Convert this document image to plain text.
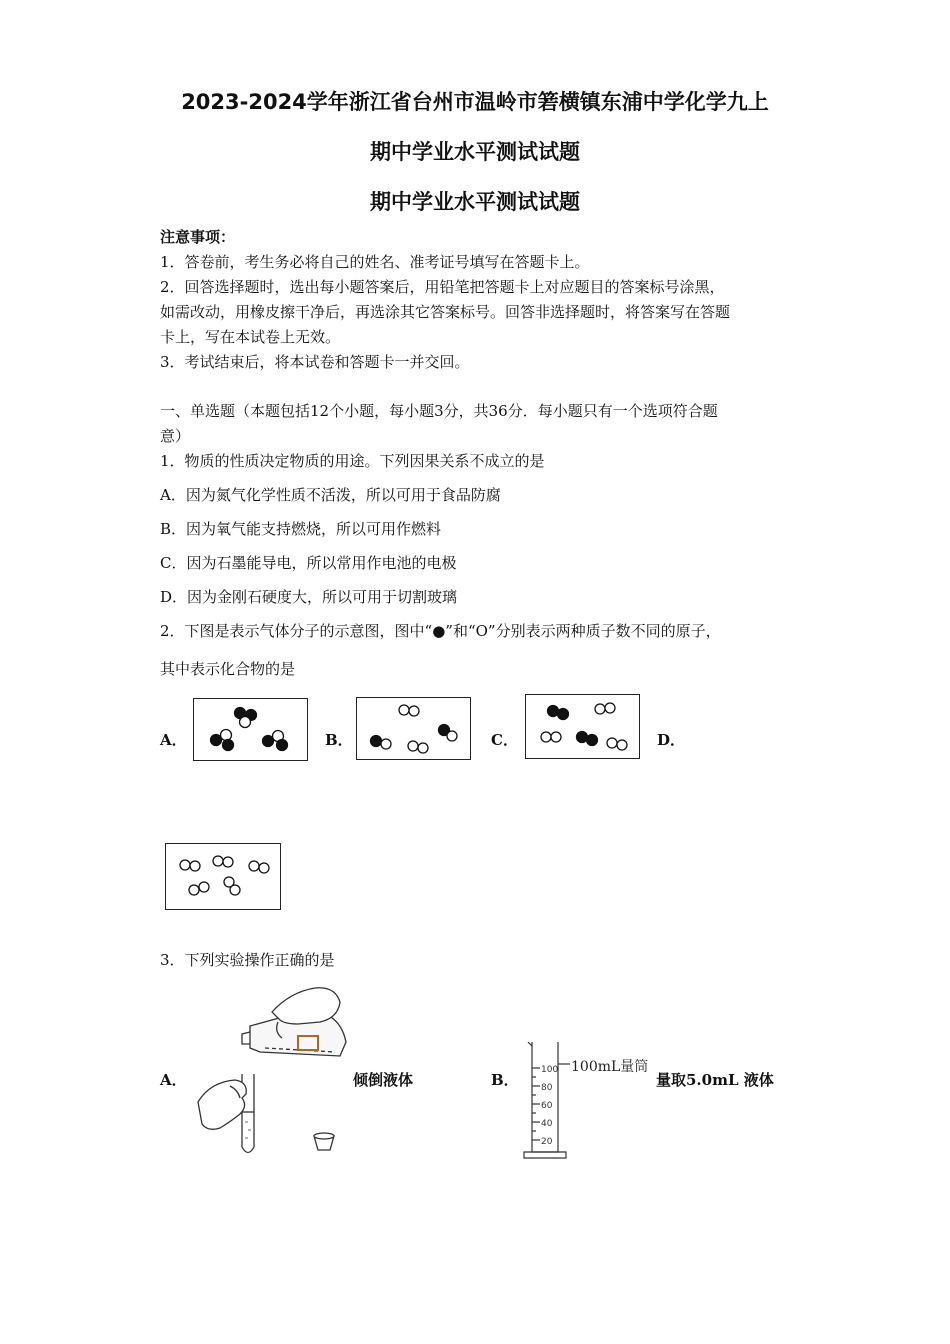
2023-2024学年浙江省台州市温岭市箬横镇东浦中学化学九上
期中学业水平测试试题
期中学业水平测试试题
注意事项：
1．答卷前，考生务必将自己的姓名、准考证号填写在答题卡上。
2．回答选择题时，选出每小题答案后，用铅笔把答题卡上对应题目的答案标号涂黑，
如需改动，用橡皮擦干净后，再选涂其它答案标号。回答非选择题时，将答案写在答题
卡上，写在本试卷上无效。
3．考试结束后，将本试卷和答题卡一并交回。
一、单选题（本题包括12个小题，每小题3分，共36分．每小题只有一个选项符合题
意）
1．物质的性质决定物质的用途。下列因果关系不成立的是
A．因为氮气化学性质不活泼，所以可用于食品防腐
B．因为氧气能支持燃烧，所以可用作燃料
C．因为石墨能导电，所以常用作电池的电极
D．因为金刚石硬度大，所以可用于切割玻璃
2．下图是表示气体分子的示意图，图中“●”和“O”分别表示两种质子数不同的原子，
其中表示化合物的是
A．	B．	C．	D．
3．下列实验操作正确的是
A．	倾倒液体	B．
100
80
60
40
20
100mL量筒
量取5.0mL 液体
